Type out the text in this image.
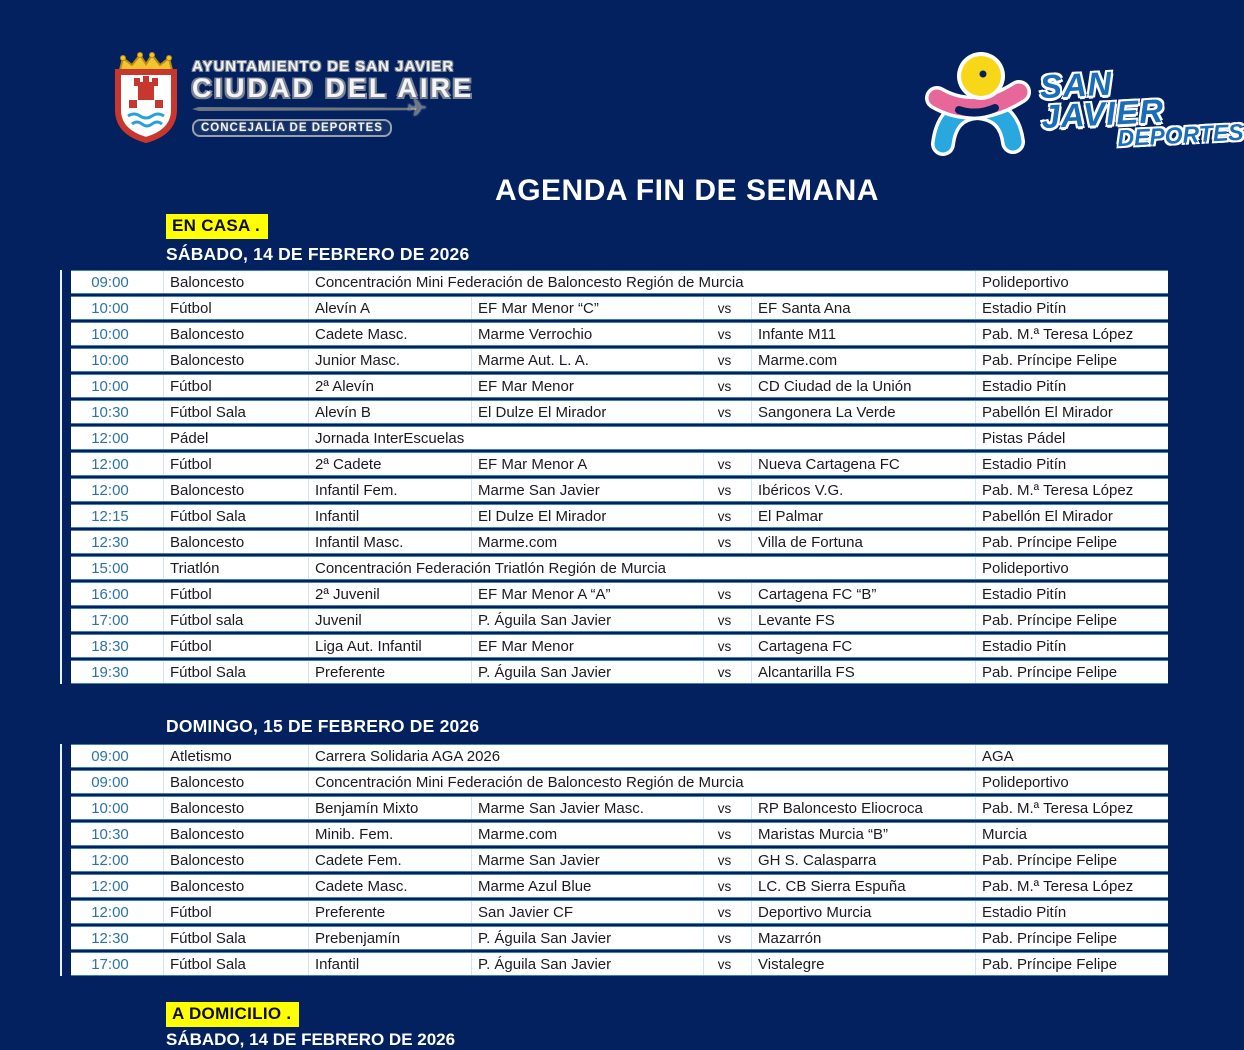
AYUNTAMIENTO DE SAN JAVIER
CIUDAD DEL AIRE
✈
CONCEJALÍA DE DEPORTES
SAN JAVIER
DEPORTES
AGENDA FIN DE SEMANA
EN CASA .
SÁBADO, 14 DE FEBRERO DE 2026
09:00	Baloncesto	Concentración Mini Federación de Baloncesto Región de Murcia	Polideportivo
10:00	Fútbol	Alevín A	EF Mar Menor “C”	vs	EF Santa Ana	Estadio Pitín
10:00	Baloncesto	Cadete Masc.	Marme Verrochio	vs	Infante M11	Pab. M.ª Teresa López
10:00	Baloncesto	Junior Masc.	Marme Aut. L. A.	vs	Marme.com	Pab. Príncipe Felipe
10:00	Fútbol	2ª Alevín	EF Mar Menor	vs	CD Ciudad de la Unión	Estadio Pitín
10:30	Fútbol Sala	Alevín B	El Dulze El Mirador	vs	Sangonera La Verde	Pabellón El Mirador
12:00	Pádel	Jornada InterEscuelas	Pistas Pádel
12:00	Fútbol	2ª Cadete	EF Mar Menor A	vs	Nueva Cartagena FC	Estadio Pitín
12:00	Baloncesto	Infantil Fem.	Marme San Javier	vs	Ibéricos V.G.	Pab. M.ª Teresa López
12:15	Fútbol Sala	Infantil	El Dulze El Mirador	vs	El Palmar	Pabellón El Mirador
12:30	Baloncesto	Infantil Masc.	Marme.com	vs	Villa de Fortuna	Pab. Príncipe Felipe
15:00	Triatlón	Concentración Federación Triatlón Región de Murcia	Polideportivo
16:00	Fútbol	2ª Juvenil	EF Mar Menor A “A”	vs	Cartagena FC “B”	Estadio Pitín
17:00	Fútbol sala	Juvenil	P. Águila San Javier	vs	Levante FS	Pab. Príncipe Felipe
18:30	Fútbol	Liga Aut. Infantil	EF Mar Menor	vs	Cartagena FC	Estadio Pitín
19:30	Fútbol Sala	Preferente	P. Águila San Javier	vs	Alcantarilla FS	Pab. Príncipe Felipe
DOMINGO, 15 DE FEBRERO DE 2026
09:00	Atletismo	Carrera Solidaria AGA 2026	AGA
09:00	Baloncesto	Concentración Mini Federación de Baloncesto Región de Murcia	Polideportivo
10:00	Baloncesto	Benjamín Mixto	Marme San Javier Masc.	vs	RP Baloncesto Eliocroca	Pab. M.ª Teresa López
10:30	Baloncesto	Minib. Fem.	Marme.com	vs	Maristas Murcia “B”	Murcia
12:00	Baloncesto	Cadete Fem.	Marme San Javier	vs	GH S. Calasparra	Pab. Príncipe Felipe
12:00	Baloncesto	Cadete Masc.	Marme Azul Blue	vs	LC. CB Sierra Espuña	Pab. M.ª Teresa López
12:00	Fútbol	Preferente	San Javier CF	vs	Deportivo Murcia	Estadio Pitín
12:30	Fútbol Sala	Prebenjamín	P. Águila San Javier	vs	Mazarrón	Pab. Príncipe Felipe
17:00	Fútbol Sala	Infantil	P. Águila San Javier	vs	Vistalegre	Pab. Príncipe Felipe
A DOMICILIO .
SÁBADO, 14 DE FEBRERO DE 2026
